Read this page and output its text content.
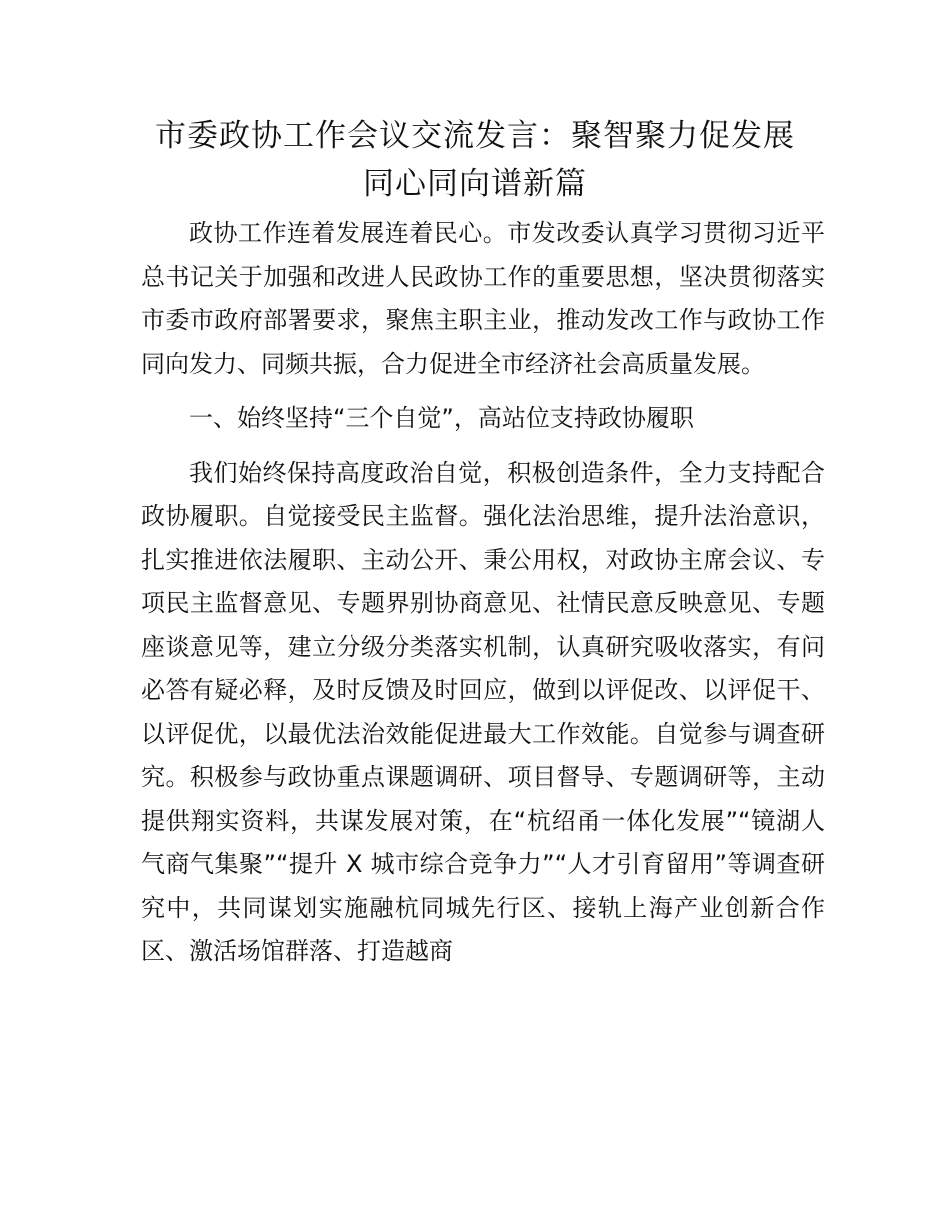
市委政协工作会议交流发言：聚智聚力促发展

同心同向谱新篇

政协工作连着发展连着民心。市发改委认真学习贯彻习近平总书记关于加强和改进人民政协工作的重要思想，坚决贯彻落实市委市政府部署要求，聚焦主职主业，推动发改工作与政协工作同向发力、同频共振，合力促进全市经济社会高质量发展。

一、始终坚持“三个自觉”，高站位支持政协履职

我们始终保持高度政治自觉，积极创造条件，全力支持配合政协履职。自觉接受民主监督。强化法治思维，提升法治意识，扎实推进依法履职、主动公开、秉公用权，对政协主席会议、专项民主监督意见、专题界别协商意见、社情民意反映意见、专题座谈意见等，建立分级分类落实机制，认真研究吸收落实，有问必答有疑必释，及时反馈及时回应，做到以评促改、以评促干、以评促优，以最优法治效能促进最大工作效能。自觉参与调查研究。积极参与政协重点课题调研、项目督导、专题调研等，主动提供翔实资料，共谋发展对策，在“杭绍甬一体化发展”“镜湖人气商气集聚”“提升 X 城市综合竞争力”“人才引育留用”等调查研究中，共同谋划实施融杭同城先行区、接轨上海产业创新合作区、激活场馆群落、打造越商
